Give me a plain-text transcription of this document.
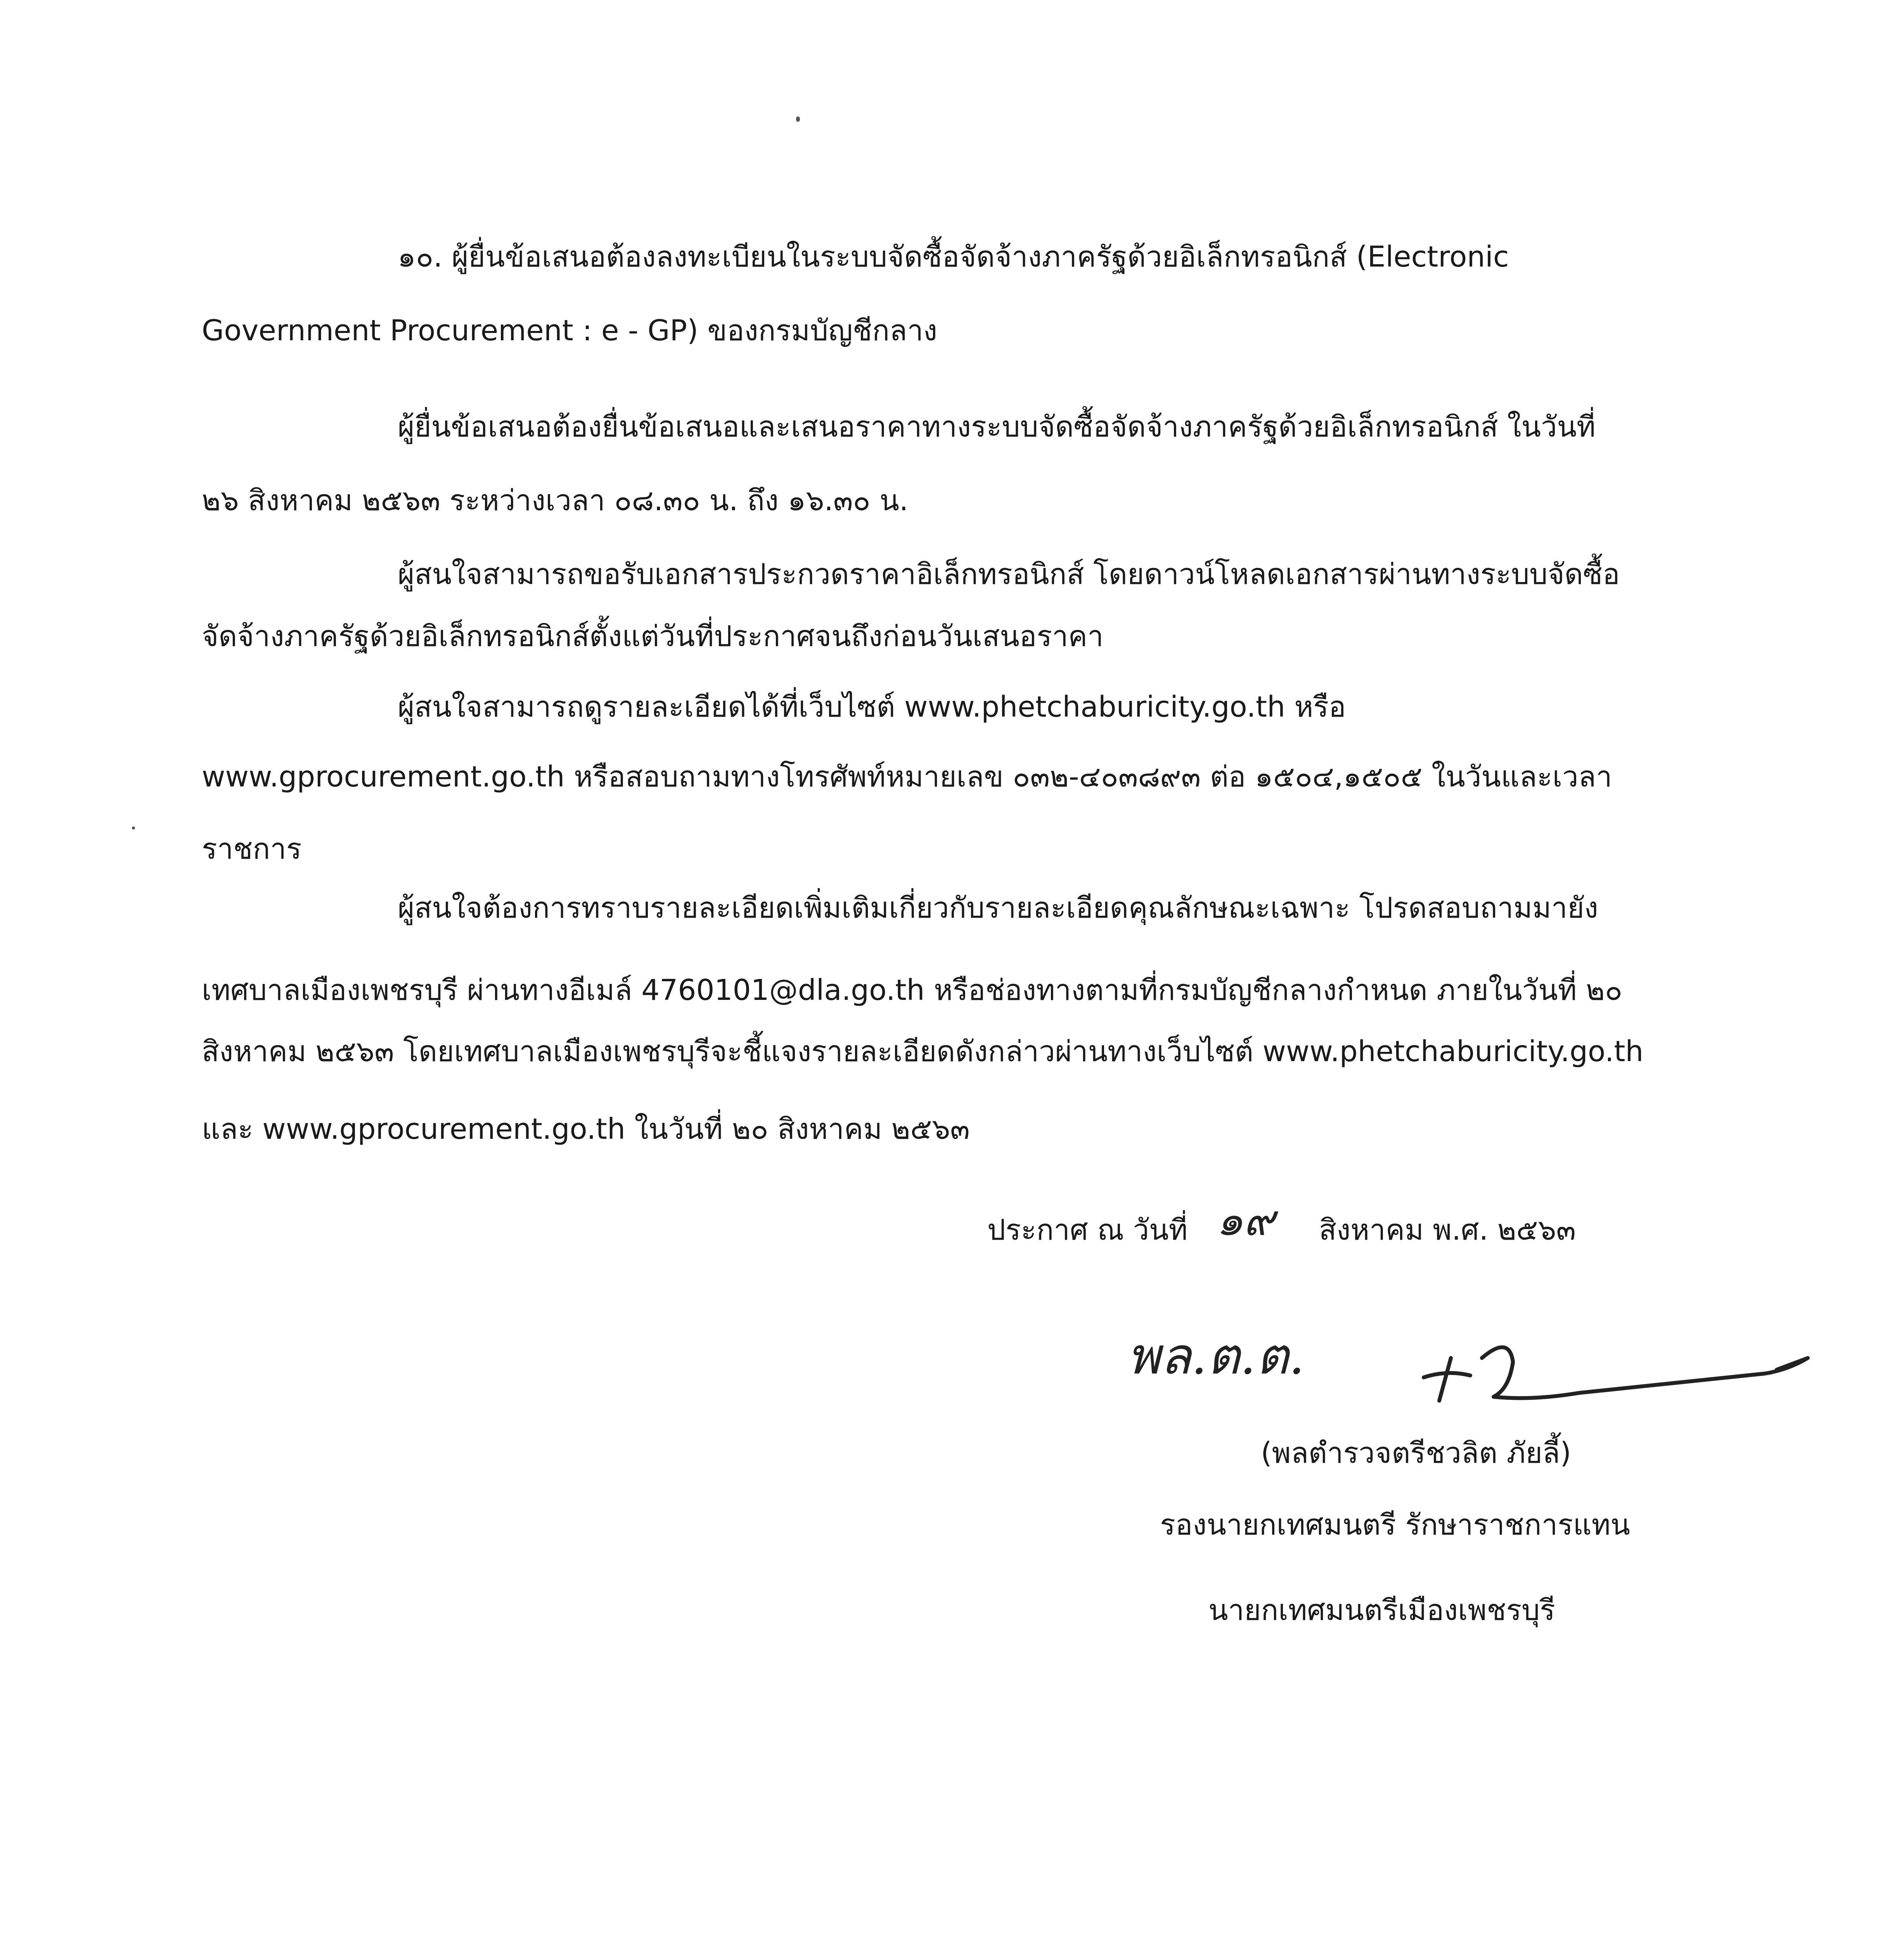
๑๐. ผู้ยื่นข้อเสนอต้องลงทะเบียนในระบบจัดซื้อจัดจ้างภาครัฐด้วยอิเล็กทรอนิกส์ (Electronic
Government Procurement : e - GP) ของกรมบัญชีกลาง
ผู้ยื่นข้อเสนอต้องยื่นข้อเสนอและเสนอราคาทางระบบจัดซื้อจัดจ้างภาครัฐด้วยอิเล็กทรอนิกส์ ในวันที่
๒๖ สิงหาคม ๒๕๖๓ ระหว่างเวลา ๐๘.๓๐ น. ถึง ๑๖.๓๐ น.
ผู้สนใจสามารถขอรับเอกสารประกวดราคาอิเล็กทรอนิกส์ โดยดาวน์โหลดเอกสารผ่านทางระบบจัดซื้อ
จัดจ้างภาครัฐด้วยอิเล็กทรอนิกส์ตั้งแต่วันที่ประกาศจนถึงก่อนวันเสนอราคา
ผู้สนใจสามารถดูรายละเอียดได้ที่เว็บไซต์ www.phetchaburicity.go.th หรือ
www.gprocurement.go.th หรือสอบถามทางโทรศัพท์หมายเลข ๐๓๒-๔๐๓๘๙๓ ต่อ ๑๕๐๔,๑๕๐๕ ในวันและเวลา
ราชการ
ผู้สนใจต้องการทราบรายละเอียดเพิ่มเติมเกี่ยวกับรายละเอียดคุณลักษณะเฉพาะ โปรดสอบถามมายัง
เทศบาลเมืองเพชรบุรี ผ่านทางอีเมล์ 4760101@dla.go.th หรือช่องทางตามที่กรมบัญชีกลางกำหนด ภายในวันที่ ๒๐
สิงหาคม ๒๕๖๓ โดยเทศบาลเมืองเพชรบุรีจะชี้แจงรายละเอียดดังกล่าวผ่านทางเว็บไซต์ www.phetchaburicity.go.th
และ www.gprocurement.go.th ในวันที่ ๒๐ สิงหาคม ๒๕๖๓
ประกาศ ณ วันที่ ๑๙ สิงหาคม พ.ศ. ๒๕๖๓
พล.ต.ต.
(พลตำรวจตรีชวลิต ภัยลี้)
รองนายกเทศมนตรี รักษาราชการแทน
นายกเทศมนตรีเมืองเพชรบุรี
